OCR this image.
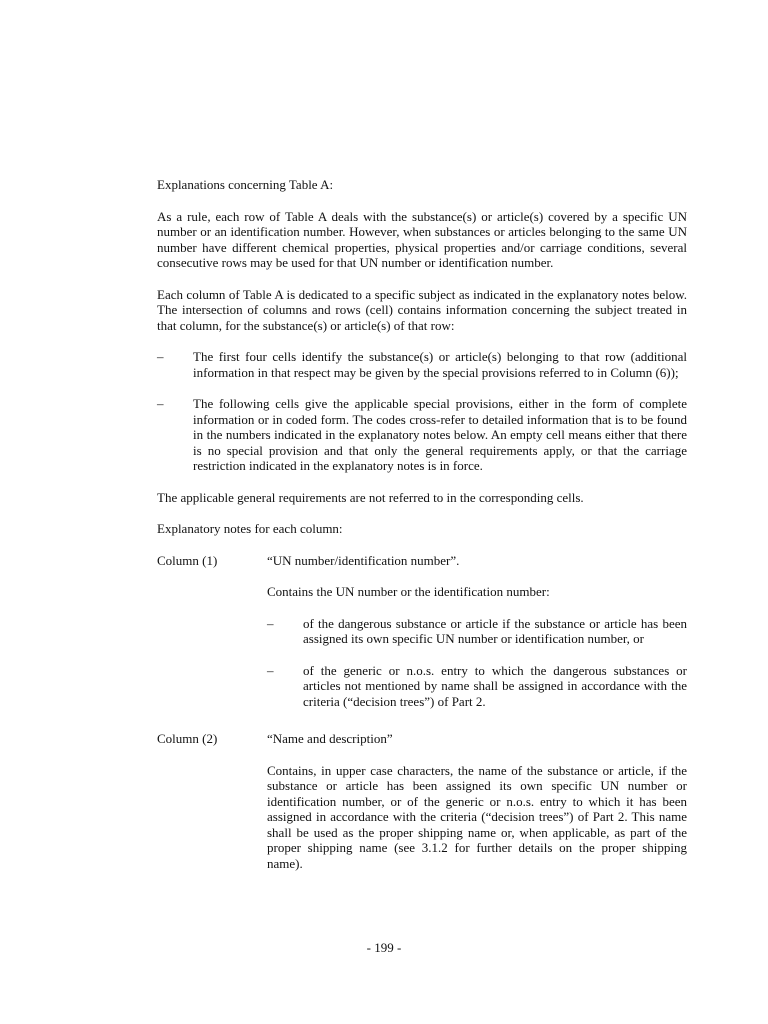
Explanations concerning Table A:

As a rule, each row of Table A deals with the substance(s) or article(s) covered by a specific UN number or an identification number. However, when substances or articles belonging to the same UN number have different chemical properties, physical properties and/or carriage conditions, several consecutive rows may be used for that UN number or identification number.

Each column of Table A is dedicated to a specific subject as indicated in the explanatory notes below. The intersection of columns and rows (cell) contains information concerning the subject treated in that column, for the substance(s) or article(s) of that row:

–	The first four cells identify the substance(s) or article(s) belonging to that row (additional information in that respect may be given by the special provisions referred to in Column (6));
–	The following cells give the applicable special provisions, either in the form of complete information or in coded form. The codes cross-refer to detailed information that is to be found in the numbers indicated in the explanatory notes below. An empty cell means either that there is no special provision and that only the general requirements apply, or that the carriage restriction indicated in the explanatory notes is in force.

The applicable general requirements are not referred to in the corresponding cells.

Explanatory notes for each column:

Column (1)	“UN number/identification number”.

Contains the UN number or the identification number:

–	of the dangerous substance or article if the substance or article has been assigned its own specific UN number or identification number, or
–	of the generic or n.o.s. entry to which the dangerous substances or articles not mentioned by name shall be assigned in accordance with the criteria (“decision trees”) of Part 2.
Column (2)	“Name and description”

Contains, in upper case characters, the name of the substance or article, if the substance or article has been assigned its own specific UN number or identification number, or of the generic or n.o.s. entry to which it has been assigned in accordance with the criteria (“decision trees”) of Part 2. This name shall be used as the proper shipping name or, when applicable, as part of the proper shipping name (see 3.1.2 for further details on the proper shipping name).

- 199 -
